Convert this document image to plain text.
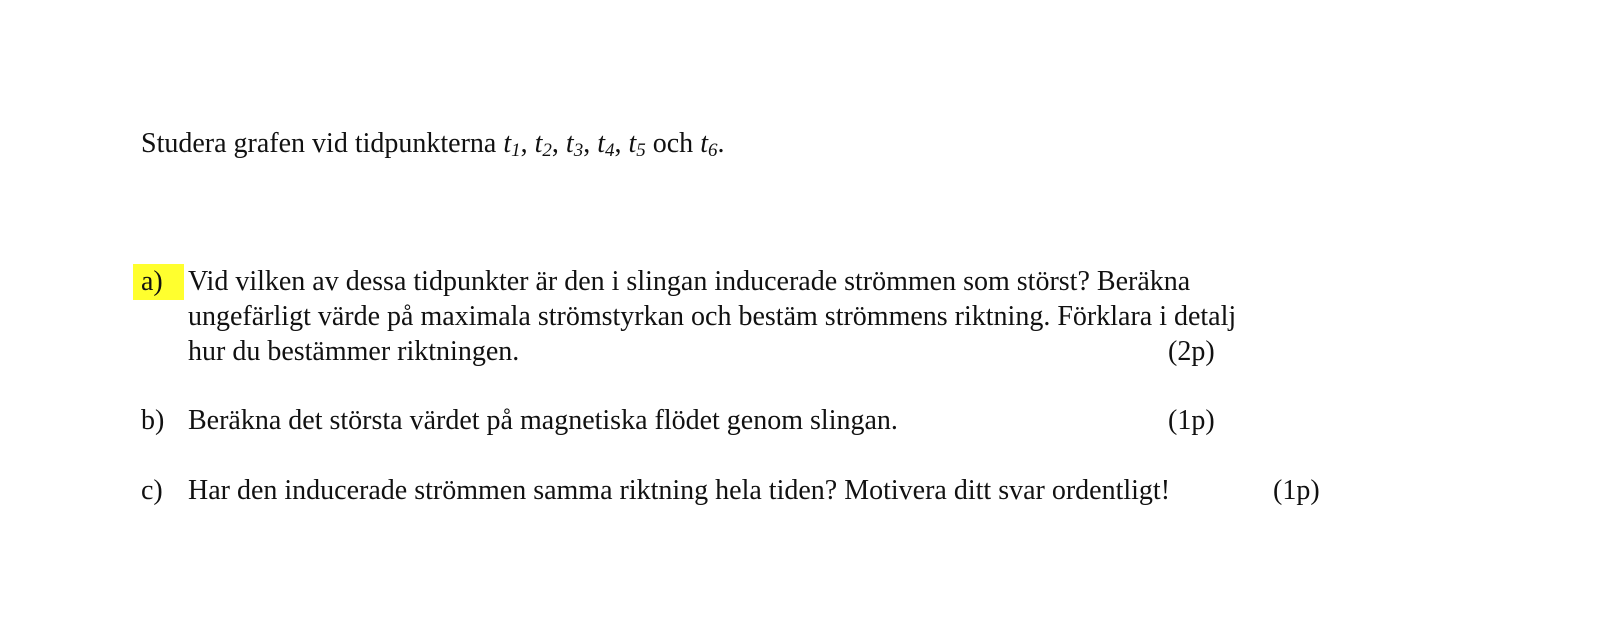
Studera grafen vid tidpunkterna $t_1$, $t_2$, $t_3$, $t_4$, $t_5$ och $t_6$.
a) Vid vilken av dessa tidpunkter är den i slingan inducerade strömmen som störst? Beräkna
ungefärligt värde på maximala strömstyrkan och bestäm strömmens riktning. Förklara i detalj
hur du bestämmer riktningen.	(2p)
b) Beräkna det största värdet på magnetiska flödet genom slingan.	(1p)
c) Har den inducerade strömmen samma riktning hela tiden? Motivera ditt svar ordentligt!	(1p)
